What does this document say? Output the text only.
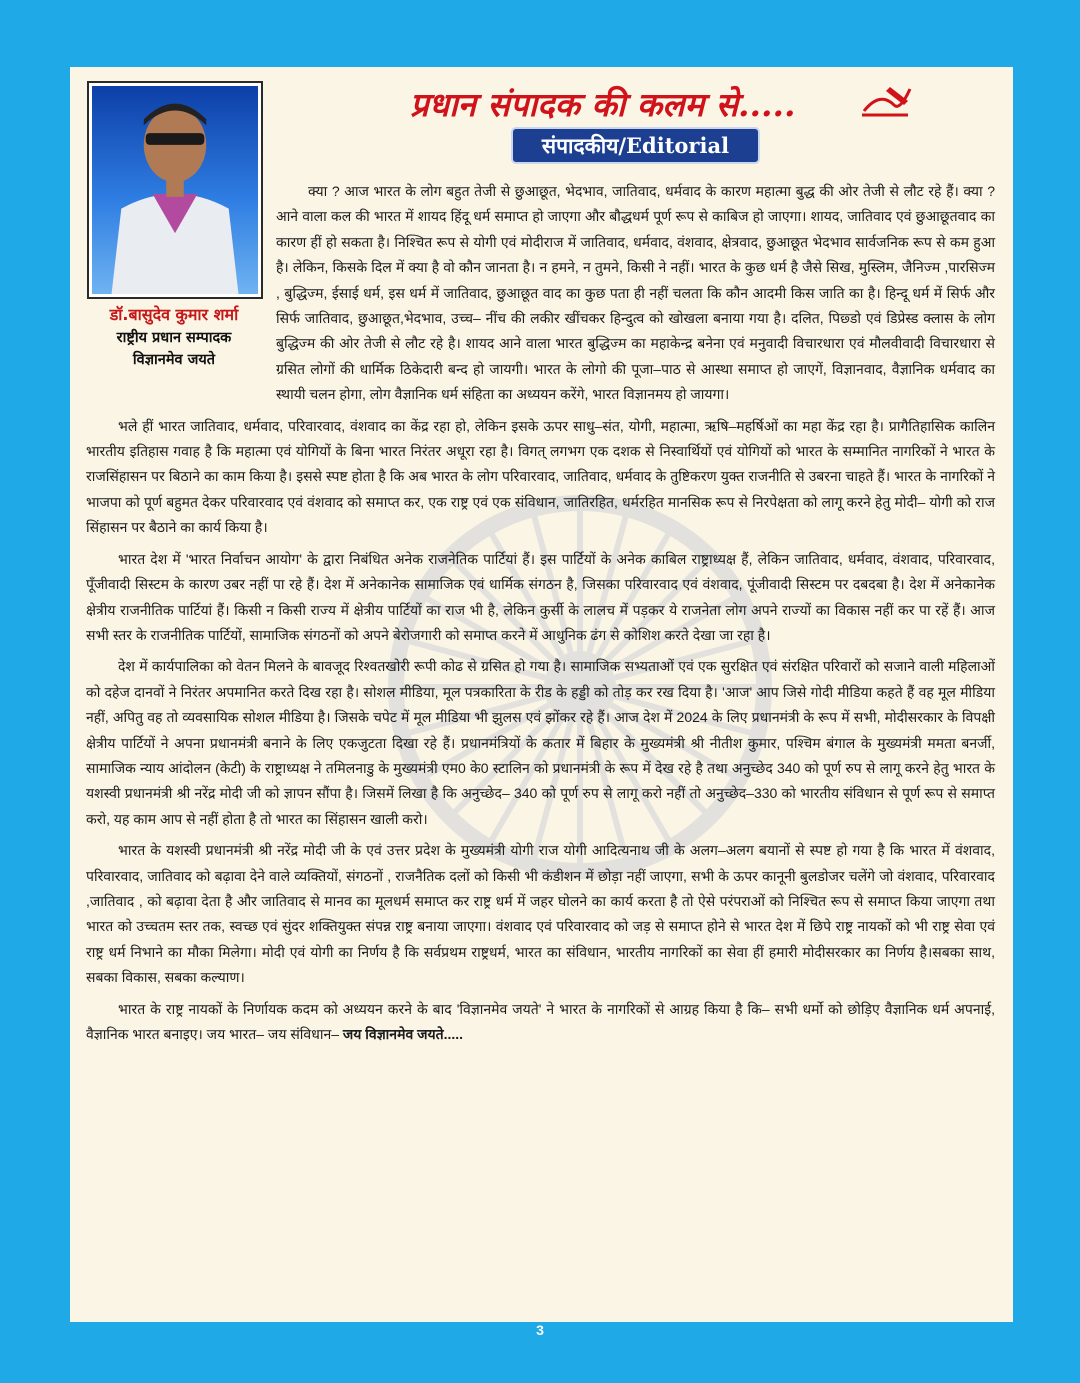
डॉ.बासुदेव कुमार शर्मा
राष्ट्रीय प्रधान सम्पादक
विज्ञानमेव जयते
प्रधान संपादक की कलम से.....
संपादकीय/Editorial

क्या ? आज भारत के लोग बहुत तेजी से छुआछूत, भेदभाव, जातिवाद, धर्मवाद के कारण महात्मा बुद्ध की ओर तेजी से लौट रहे हैं। क्या ? आने वाला कल की भारत में शायद हिंदू धर्म समाप्त हो जाएगा और बौद्धधर्म पूर्ण रूप से काबिज हो जाएगा। शायद, जातिवाद एवं छुआछूतवाद का कारण हीं हो सकता है। निश्चित रूप से योगी एवं मोदीराज में जातिवाद, धर्मवाद, वंशवाद, क्षेत्रवाद, छुआछूत भेदभाव सार्वजनिक रूप से कम हुआ है। लेकिन, किसके दिल में क्या है वो कौन जानता है। न हमने, न तुमने, किसी ने नहीं। भारत के कुछ धर्म है जैसे सिख, मुस्लिम, जैनिज्म ,पारसिज्म , बुद्धिज्म, ईसाई धर्म, इस धर्म में जातिवाद, छुआछूत वाद का कुछ पता ही नहीं चलता कि कौन आदमी किस जाति का है। हिन्दू धर्म में सिर्फ और सिर्फ जातिवाद, छुआछूत,भेदभाव, उच्च– नींच की लकीर खींचकर हिन्दुत्व को खोखला बनाया गया है। दलित, पिछ्डो एवं डिप्रेस्ड क्लास के लोग बुद्धिज्म की ओर तेजी से लौट रहे है। शायद आने वाला भारत बुद्धिज्म का महाकेन्द्र बनेना एवं मनुवादी विचारधारा एवं मौलवीवादी विचारधारा से ग्रसित लोगों की धार्मिक ठिकेदारी बन्द हो जायगी। भारत के लोगो की पूजा–पाठ से आस्था समाप्त हो जाएगें, विज्ञानवाद, वैज्ञानिक धर्मवाद का स्थायी चलन होगा, लोग वैज्ञानिक धर्म संहिता का अध्ययन करेंगे, भारत विज्ञानमय हो जायगा।

भले हीं भारत जातिवाद, धर्मवाद, परिवारवाद, वंशवाद का केंद्र रहा हो, लेकिन इसके ऊपर साधु–संत, योगी, महात्मा, ऋषि–महर्षिओं का महा केंद्र रहा है। प्रागैतिहासिक कालिन भारतीय इतिहास गवाह है कि महात्मा एवं योगियों के बिना भारत निरंतर अधूरा रहा है। विगत् लगभग एक दशक से निस्वार्थियों एवं योगियों को भारत के सम्मानित नागरिकों ने भारत के राजसिंहासन पर बिठाने का काम किया है। इससे स्पष्ट होता है कि अब भारत के लोग परिवारवाद, जातिवाद, धर्मवाद के तुष्टिकरण युक्त राजनीति से उबरना चाहते हैं। भारत के नागरिकों ने भाजपा को पूर्ण बहुमत देकर परिवारवाद एवं वंशवाद को समाप्त कर, एक राष्ट्र एवं एक संविधान, जातिरहित, धर्मरहित मानसिक रूप से निरपेक्षता को लागू करने हेतु मोदी– योगी को राज सिंहासन पर बैठाने का कार्य किया है।

भारत देश में 'भारत निर्वाचन आयोग' के द्वारा निबंधित अनेक राजनेतिक पार्टियां हैं। इस पार्टियों के अनेक काबिल राष्ट्राध्यक्ष हैं, लेकिन जातिवाद, धर्मवाद, वंशवाद, परिवारवाद, पूँजीवादी सिस्टम के कारण उबर नहीं पा रहे हैं। देश में अनेकानेक सामाजिक एवं धार्मिक संगठन है, जिसका परिवारवाद एवं वंशवाद, पूंजीवादी सिस्टम पर दबदबा है। देश में अनेकानेक क्षेत्रीय राजनीतिक पार्टियां हैं। किसी न किसी राज्य में क्षेत्रीय पार्टियों का राज भी है, लेकिन कुर्सी के लालच में पड़कर ये राजनेता लोग अपने राज्यों का विकास नहीं कर पा रहें हैं। आज सभी स्तर के राजनीतिक पार्टियों, सामाजिक संगठनों को अपने बेरोजगारी को समाप्त करने में आधुनिक ढंग से कोशिश करते देखा जा रहा है।

देश में कार्यपालिका को वेतन मिलने के बावजूद रिश्वतखोरी रूपी कोढ से ग्रसित हो गया है। सामाजिक सभ्यताओं एवं एक सुरक्षित एवं संरक्षित परिवारों को सजाने वाली महिलाओं को दहेज दानवों ने निरंतर अपमानित करते दिख रहा है। सोशल मीडिया, मूल पत्रकारिता के रीड के हड्डी को तोड़ कर रख दिया है। 'आज' आप जिसे गोदी मीडिया कहते हैं वह मूल मीडिया नहीं, अपितु वह तो व्यवसायिक सोशल मीडिया है। जिसके चपेट में मूल मीडिया भी झुलस एवं झोंकर रहे हैं। आज देश में 2024 के लिए प्रधानमंत्री के रूप में सभी, मोदीसरकार के विपक्षी क्षेत्रीय पार्टियों ने अपना प्रधानमंत्री बनाने के लिए एकजुटता दिखा रहे हैं। प्रधानमंत्रियों के कतार में बिहार के मुख्यमंत्री श्री नीतीश कुमार, पश्चिम बंगाल के मुख्यमंत्री ममता बनर्जी, सामाजिक न्याय आंदोलन (केटी) के राष्ट्राध्यक्ष ने तमिलनाडु के मुख्यमंत्री एम0 के0 स्टालिन को प्रधानमंत्री के रूप में देख रहे है तथा अनुच्छेद 340 को पूर्ण रुप से लागू करने हेतु भारत के यशस्वी प्रधानमंत्री श्री नरेंद्र मोदी जी को ज्ञापन सौंपा है। जिसमें लिखा है कि अनुच्छेद– 340 को पूर्ण रुप से लागू करो नहीं तो अनुच्छेद–330 को भारतीय संविधान से पूर्ण रूप से समाप्त करो, यह काम आप से नहीं होता है तो भारत का सिंहासन खाली करो।

भारत के यशस्वी प्रधानमंत्री श्री नरेंद्र मोदी जी के एवं उत्तर प्रदेश के मुख्यमंत्री योगी राज योगी आदित्यनाथ जी के अलग–अलग बयानों से स्पष्ट हो गया है कि भारत में वंशवाद, परिवारवाद, जातिवाद को बढ़ावा देने वाले व्यक्तियों, संगठनों , राजनैतिक दलों को किसी भी कंडीशन में छोड़ा नहीं जाएगा, सभी के ऊपर कानूनी बुलडोजर चलेंगे जो वंशवाद, परिवारवाद ,जातिवाद , को बढ़ावा देता है और जातिवाद से मानव का मूलधर्म समाप्त कर राष्ट्र धर्म में जहर घोलने का कार्य करता है तो ऐसे परंपराओं को निश्चित रूप से समाप्त किया जाएगा तथा भारत को उच्चतम स्तर तक, स्वच्छ एवं सुंदर शक्तियुक्त संपन्न राष्ट्र बनाया जाएगा। वंशवाद एवं परिवारवाद को जड़ से समाप्त होने से भारत देश में छिपे राष्ट्र नायकों को भी राष्ट्र सेवा एवं राष्ट्र धर्म निभाने का मौका मिलेगा। मोदी एवं योगी का निर्णय है कि सर्वप्रथम राष्ट्रधर्म, भारत का संविधान, भारतीय नागरिकों का सेवा हीं हमारी मोदीसरकार का निर्णय है।सबका साथ, सबका विकास, सबका कल्याण।

भारत के राष्ट्र नायकों के निर्णायक कदम को अध्ययन करने के बाद 'विज्ञानमेव जयते' ने भारत के नागरिकों से आग्रह किया है कि– सभी धर्मो को छोड़िए वैज्ञानिक धर्म अपनाई, वैज्ञानिक भारत बनाइए। जय भारत– जय संविधान– जय विज्ञानमेव जयते.....

3
